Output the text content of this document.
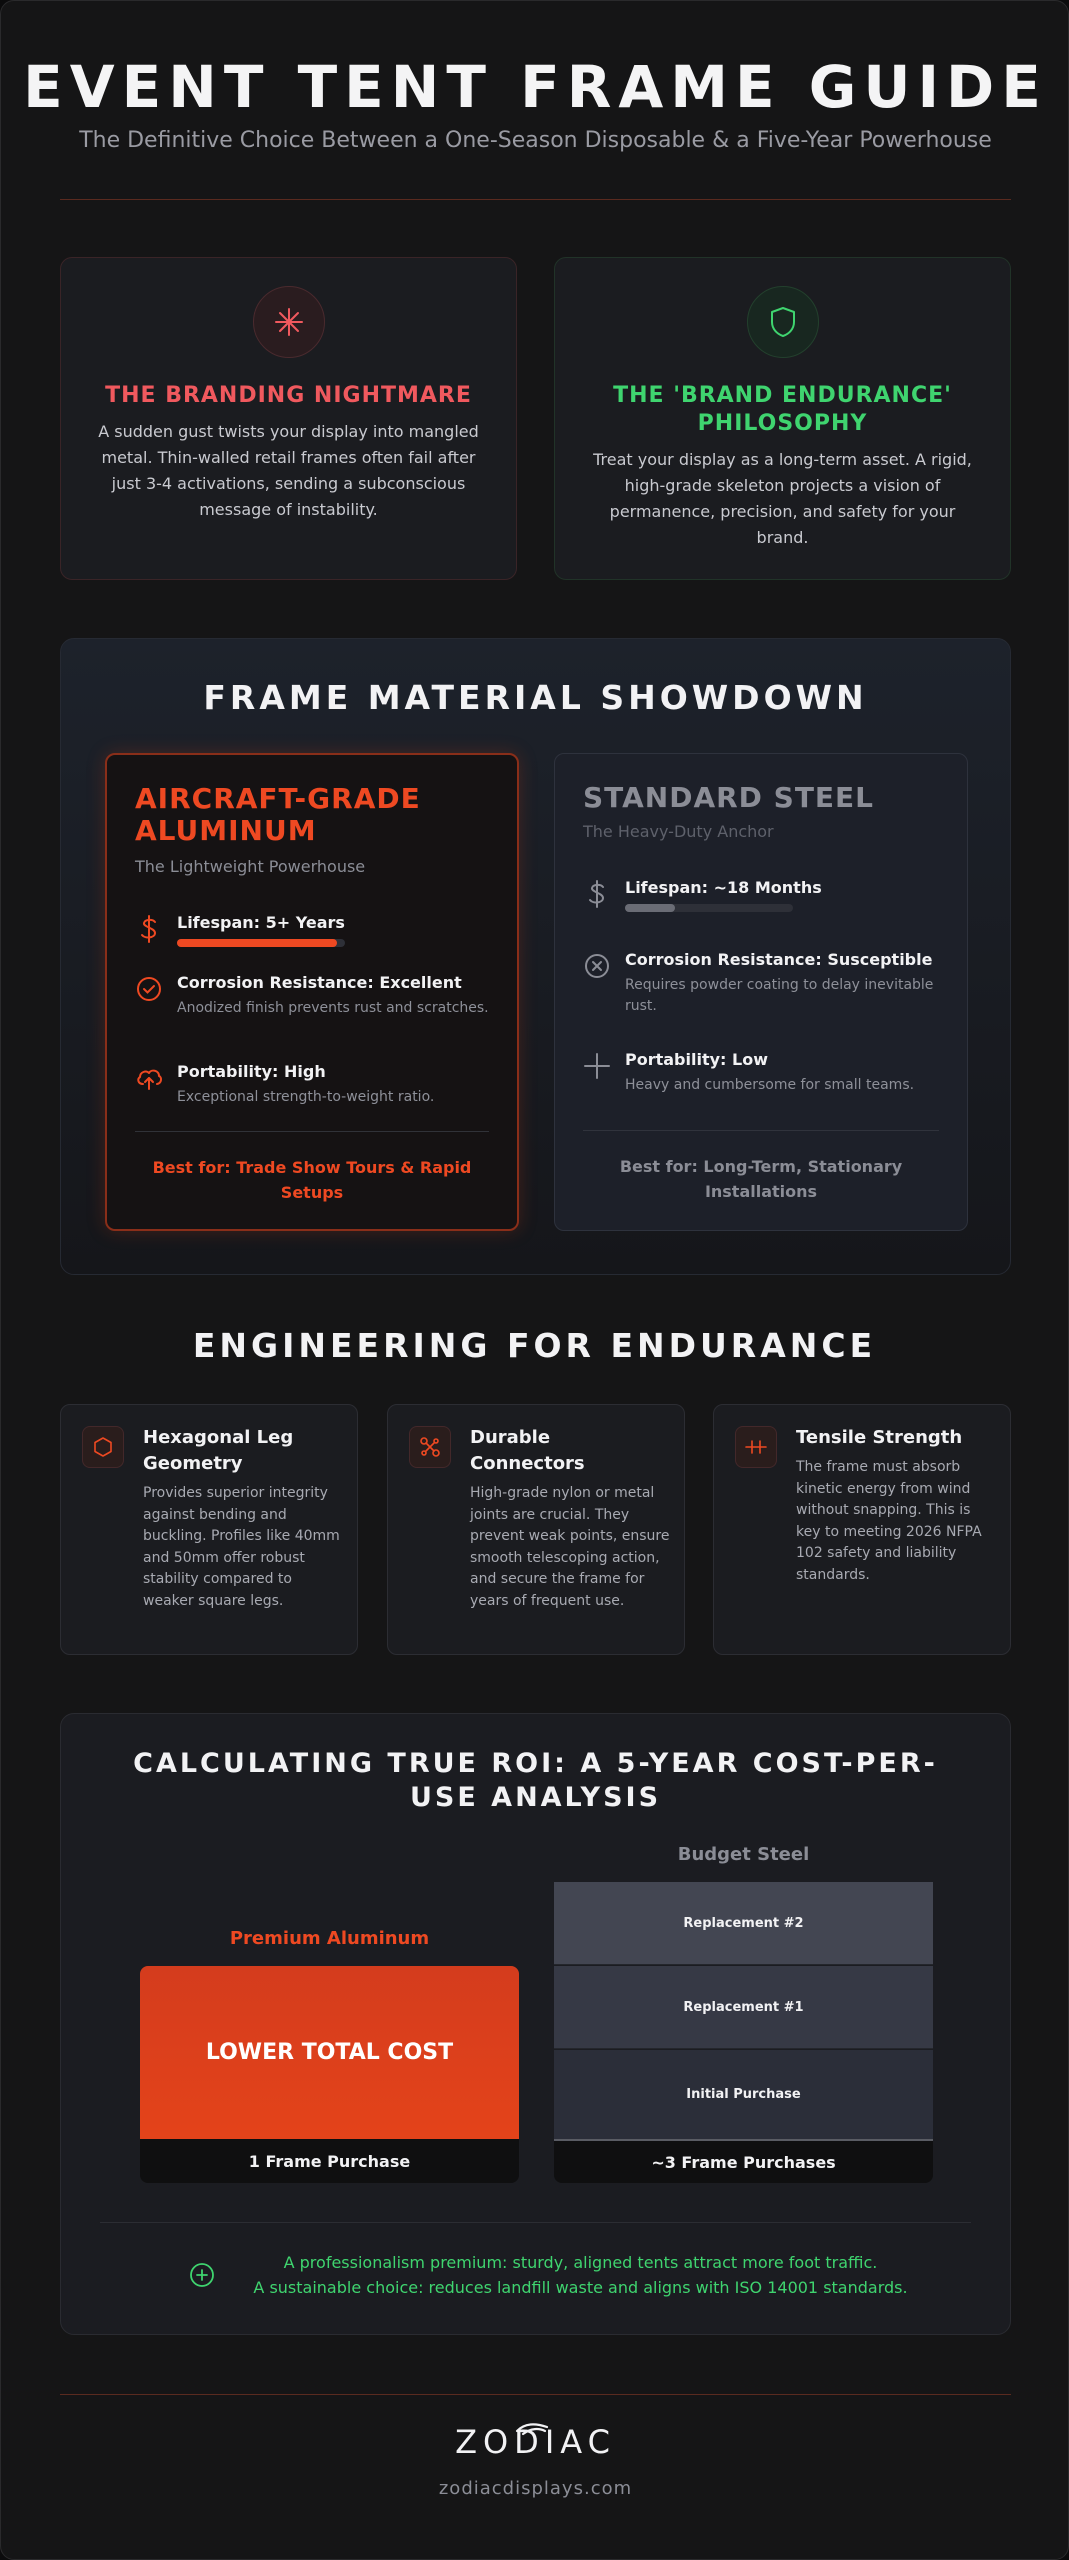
EVENT TENT FRAME GUIDE

The Definitive Choice Between a One-Season Disposable & a Five-Year Powerhouse

THE BRANDING NIGHTMARE

A sudden gust twists your display into mangled metal. Thin-walled retail frames often fail after just 3-4 activations, sending a subconscious message of instability.

THE 'BRAND ENDURANCE' PHILOSOPHY

Treat your display as a long-term asset. A rigid, high-grade skeleton projects a vision of permanence, precision, and safety for your brand.

FRAME MATERIAL SHOWDOWN
AIRCRAFT-GRADE ALUMINUM

The Lightweight Powerhouse

Lifespan: 5+ Years
Corrosion Resistance: Excellent
Anodized finish prevents rust and scratches.
Portability: High
Exceptional strength-to-weight ratio.

Best for: Trade Show Tours & Rapid Setups

STANDARD STEEL

The Heavy-Duty Anchor

Lifespan: ~18 Months
Corrosion Resistance: Susceptible
Requires powder coating to delay inevitable rust.
Portability: Low
Heavy and cumbersome for small teams.

Best for: Long-Term, Stationary Installations

ENGINEERING FOR ENDURANCE
Hexagonal Leg Geometry

Provides superior integrity against bending and buckling. Profiles like 40mm and 50mm offer robust stability compared to weaker square legs.

Durable Connectors

High-grade nylon or metal joints are crucial. They prevent weak points, ensure smooth telescoping action, and secure the frame for years of frequent use.

Tensile Strength

The frame must absorb kinetic energy from wind without snapping. This is key to meeting 2026 NFPA 102 safety and liability standards.

CALCULATING TRUE ROI: A 5-YEAR COST-PER-USE ANALYSIS
Budget Steel
Replacement #2
Replacement #1
Initial Purchase
~3 Frame Purchases
Premium Aluminum
LOWER TOTAL COST
1 Frame Purchase
A professionalism premium: sturdy, aligned tents attract more foot traffic.
A sustainable choice: reduces landfill waste and aligns with ISO 14001 standards.
ZODIAC
zodiacdisplays.com
